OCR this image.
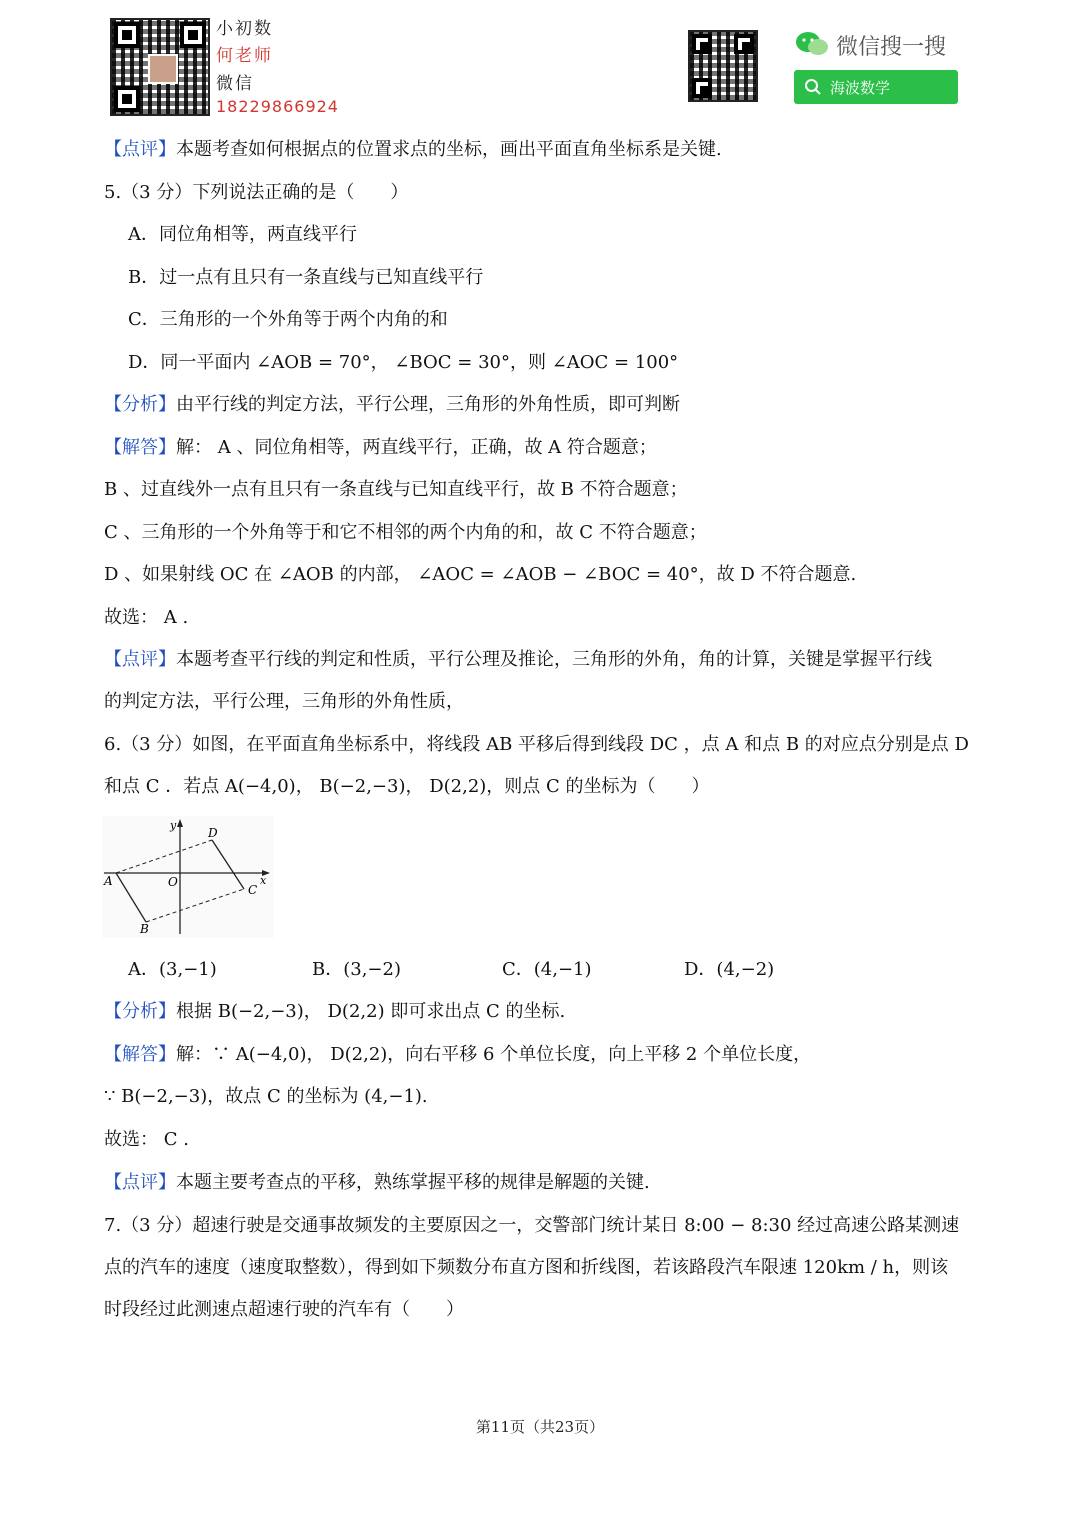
小初数
何老师
微信
18229866924
微信搜一搜
海波数学
【点评】本题考查如何根据点的位置求点的坐标，画出平面直角坐标系是关键.
5.（3 分）下列说法正确的是（　　）
A．同位角相等，两直线平行
B．过一点有且只有一条直线与已知直线平行
C．三角形的一个外角等于两个内角的和
D．同一平面内 ∠AOB = 70°， ∠BOC = 30°，则 ∠AOC = 100°
【分析】由平行线的判定方法，平行公理，三角形的外角性质，即可判断
【解答】解： A 、同位角相等，两直线平行，正确，故 A 符合题意；
B 、过直线外一点有且只有一条直线与已知直线平行，故 B 不符合题意；
C 、三角形的一个外角等于和它不相邻的两个内角的和，故 C 不符合题意；
D 、如果射线 OC 在 ∠AOB 的内部， ∠AOC = ∠AOB − ∠BOC = 40°，故 D 不符合题意.
故选： A .
【点评】本题考查平行线的判定和性质，平行公理及推论，三角形的外角，角的计算，关键是掌握平行线
的判定方法，平行公理，三角形的外角性质，
6.（3 分）如图，在平面直角坐标系中，将线段 AB 平移后得到线段 DC ，点 A 和点 B 的对应点分别是点 D
和点 C ．若点 A(−4,0)， B(−2,−3)， D(2,2)，则点 C 的坐标为（　　）
y
x
A	O
B
C
D
A．(3,−1)	B．(3,−2)	C．(4,−1)	D．(4,−2)
【分析】根据 B(−2,−3)， D(2,2) 即可求出点 C 的坐标.
【解答】解：∵ A(−4,0)， D(2,2)，向右平移 6 个单位长度，向上平移 2 个单位长度，
∵ B(−2,−3)，故点 C 的坐标为 (4,−1).
故选： C .
【点评】本题主要考查点的平移，熟练掌握平移的规律是解题的关键.
7.（3 分）超速行驶是交通事故频发的主要原因之一，交警部门统计某日 8:00 − 8:30 经过高速公路某测速
点的汽车的速度（速度取整数），得到如下频数分布直方图和折线图，若该路段汽车限速 120km / h，则该
时段经过此测速点超速行驶的汽车有（　　）
第11页（共23页）
